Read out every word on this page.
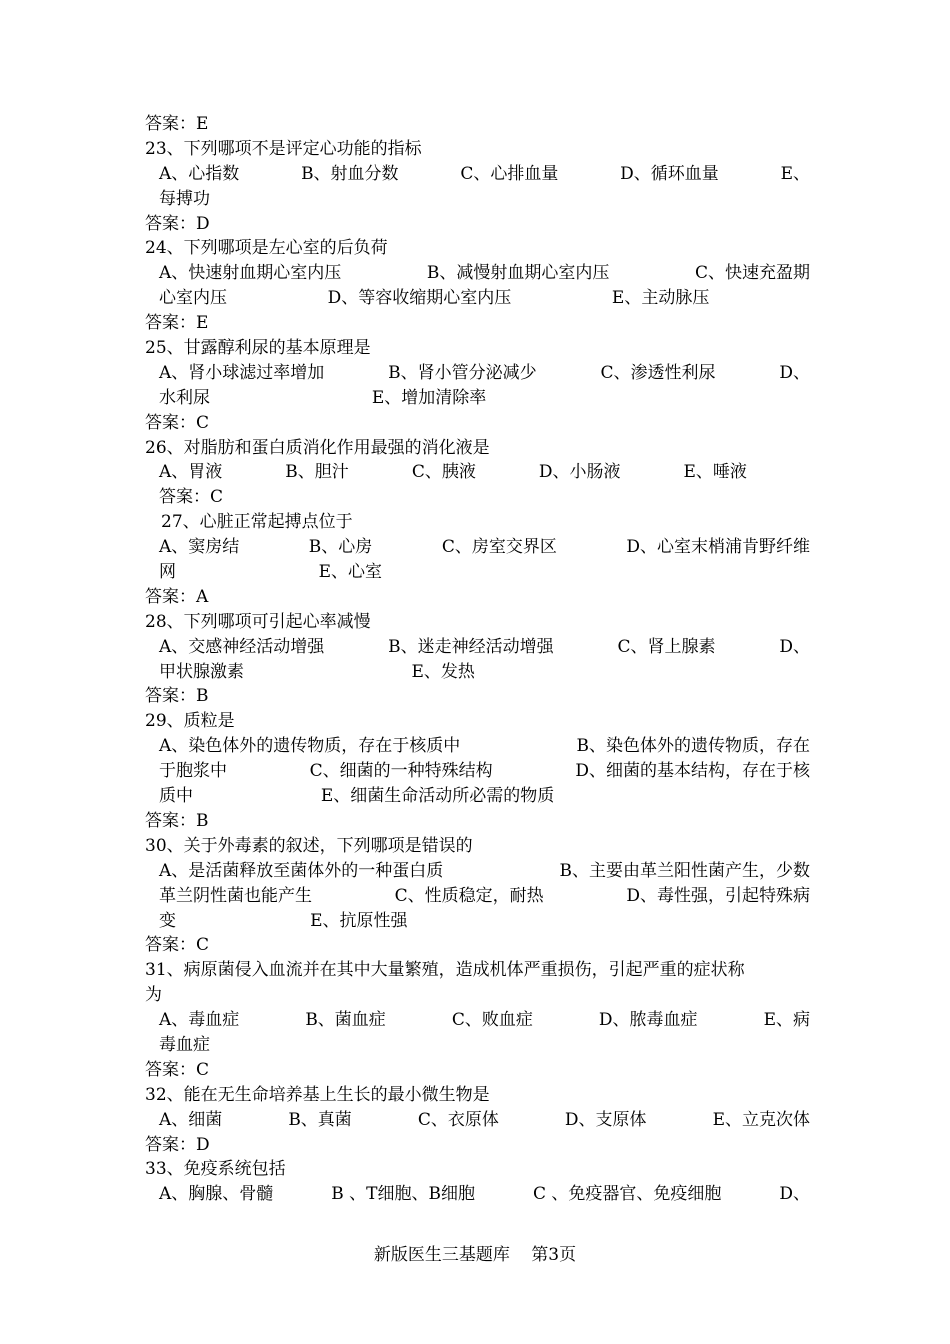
答案：E
23、下列哪项不是评定心功能的指标
A、心指数	B、射血分数	C、心排血量	D、循环血量	E、
每搏功
答案：D
24、下列哪项是左心室的后负荷
A、快速射血期心室内压	B、减慢射血期心室内压	C、快速充盈期
心室内压	D、等容收缩期心室内压	E、主动脉压
答案：E
25、甘露醇利尿的基本原理是
A、肾小球滤过率增加	B、肾小管分泌减少	C、渗透性利尿	D、
水利尿	E、增加清除率
答案：C
26、对脂肪和蛋白质消化作用最强的消化液是
A、胃液	B、胆汁	C、胰液	D、小肠液	E、唾液
答案：C
27、心脏正常起搏点位于
A、窦房结	B、心房	C、房室交界区	D、心室末梢浦肯野纤维
网	E、心室
答案：A
28、下列哪项可引起心率减慢
A、交感神经活动增强	B、迷走神经活动增强	C、肾上腺素	D、
甲状腺激素	E、发热
答案：B
29、质粒是
A、染色体外的遗传物质，存在于核质中	B、染色体外的遗传物质，存在
于胞浆中	C、细菌的一种特殊结构	D、细菌的基本结构，存在于核
质中	E、细菌生命活动所必需的物质
答案：B
30、关于外毒素的叙述，下列哪项是错误的
A、是活菌释放至菌体外的一种蛋白质	B、主要由革兰阳性菌产生，少数
革兰阴性菌也能产生	C、性质稳定，耐热	D、毒性强，引起特殊病
变	E、抗原性强
答案：C
31、病原菌侵入血流并在其中大量繁殖，造成机体严重损伤，引起严重的症状称
为
A、毒血症	B、菌血症	C、败血症	D、脓毒血症	E、病
毒血症
答案：C
32、能在无生命培养基上生长的最小微生物是
A、细菌	B、真菌	C、衣原体	D、支原体	E、立克次体
答案：D
33、免疫系统包括
A、胸腺、骨髓	B 、T细胞、B细胞	C 、免疫器官、免疫细胞	D、
新版医生三基题库 第3页
